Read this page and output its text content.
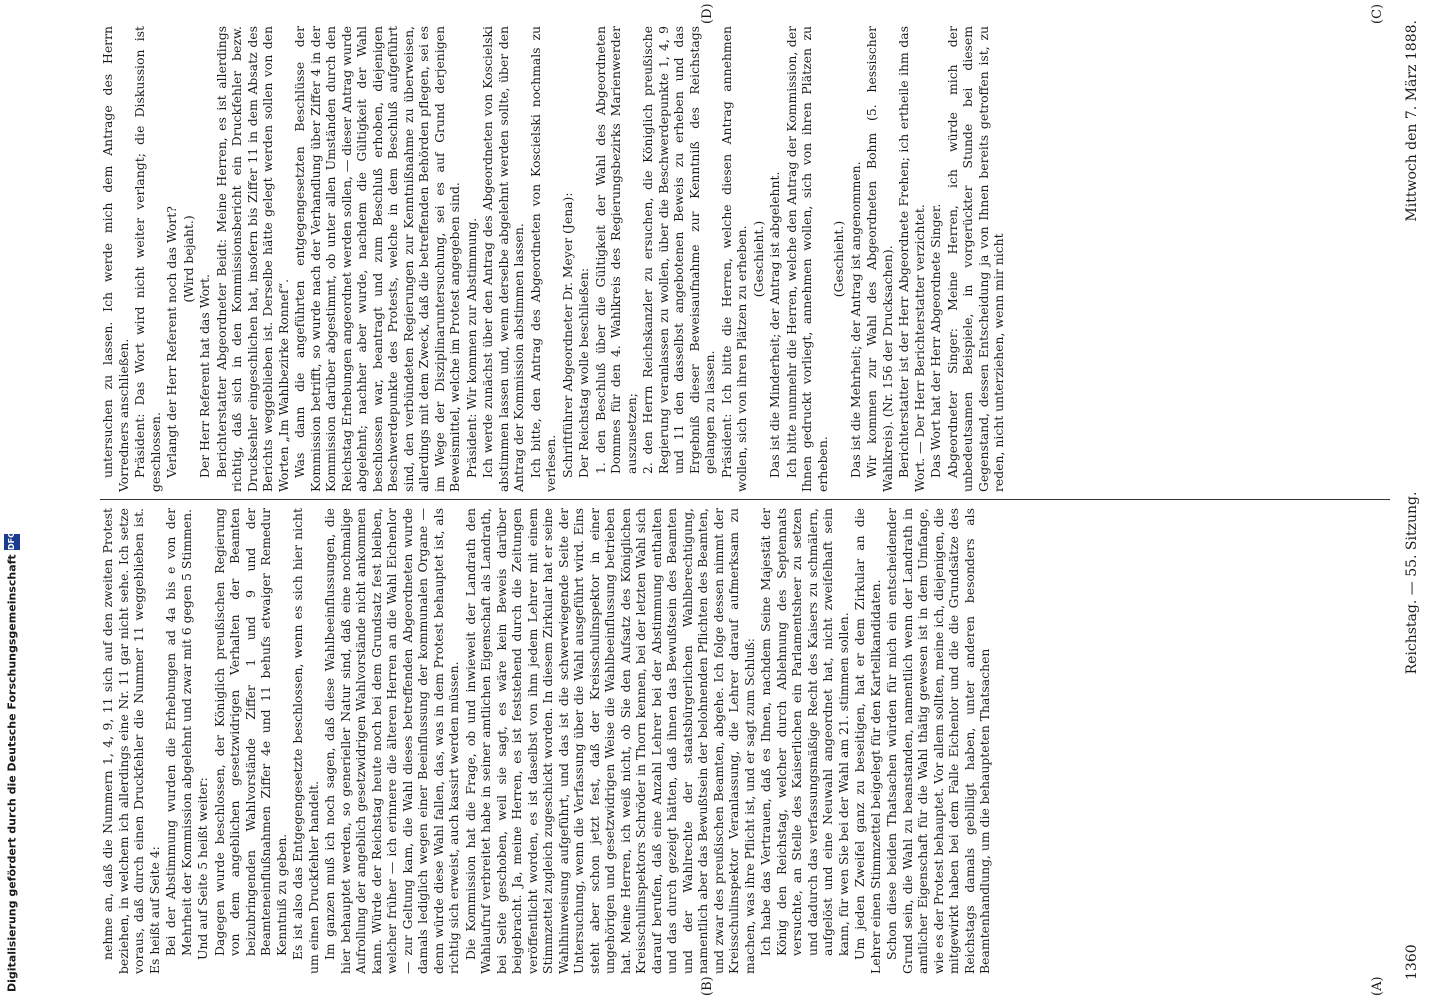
Digitalisierung gefördert durch die Deutsche Forschungsgemeinschaft
DFG
1360
Reichstag. — 55. Sitzung.
Mittwoch den 7. März 1888.
(A)
(B)
(C)
(D)

nehme an, daß die Nummern 1, 4, 9, 11 sich auf den zweiten Protest beziehen, in welchem ich allerdings eine Nr. 11 gar nicht sehe. Ich setze voraus, daß durch einen Druckfehler die Nummer 11 weggeblieben ist. Es heißt auf Seite 4: Bei der Abstimmung wurden die Erhebungen ad 4a bis e von der Mehrheit der Kommission abgelehnt und zwar mit 6 gegen 5 Stimmen. Und auf Seite 5 heißt weiter: Dagegen wurde beschlossen, der Königlich preußischen Regierung von dem angeblichen gesetzwidrigen Verhalten der Beamten beizubringenden Wahlvorstände Ziffer 1 und 9 und der Beamteneinflußnahmen Ziffer 4e und 11 behufs etwaiger Remedur Kenntniß zu geben. Es ist also das Entgegengesetzte beschlossen, wenn es sich hier nicht um einen Druckfehler handelt. Im ganzen muß ich noch sagen, daß diese Wahlbeeinflussungen, die hier behauptet werden, so generieller Natur sind, daß eine nochmalige Aufrollung der angeblich gesetzwidrigen Wahlvorstände nicht ankommen kann. Würde der Reichstag heute noch bei dem Grundsatz fest bleiben, welcher früher — ich erinnere die älteren Herren an die Wahl Eichenlor — zur Geltung kam, die Wahl dieses betreffenden Abgeordneten wurde damals lediglich wegen einer Beeinflussung der kommunalen Organe — denn würde diese Wahl fallen, das, was in dem Protest behauptet ist, als richtig sich erweist, auch kassirt werden müssen. Die Kommission hat die Frage, ob und inwieweit der Landrath den Wahlaufruf verbreitet habe in seiner amtlichen Eigenschaft als Landrath, bei Seite geschoben, weil sie sagt, es wäre kein Beweis darüber beigebracht. Ja, meine Herren, es ist feststehend durch die Zeitungen veröffentlicht worden, es ist daselbst von ihm jedem Lehrer mit einem Stimmzettel zugleich zugeschickt worden. In diesem Zirkular hat er seine Wahlhinweisung aufgeführt, und das ist die schwerwiegende Seite der Untersuchung, wenn die Verfassung über die Wahl ausgeführt wird. Eins steht aber schon jetzt fest, daß der Kreisschulinspektor in einer ungehörigen und gesetzwidrigen Weise die Wahlbeeinflussung betrieben hat. Meine Herren, ich weiß nicht, ob Sie den Aufsatz des Königlichen Kreisschulinspektors Schröder in Thorn kennen, bei der letzten Wahl sich darauf berufen, daß eine Anzahl Lehrer bei der Abstimmung enthalten und das durch gezeigt hätten, daß ihnen das Bewußtsein des Beamten und der Wahlrechte der staatsbürgerlichen Wahlberechtigung, namentlich aber das Bewußtsein der belohnenden Pflichten des Beamten, und zwar des preußischen Beamten, abgehe. Ich folge dessen nimmt der Kreisschulinspektor Veranlassung, die Lehrer darauf aufmerksam zu machen, was ihre Pflicht ist, und er sagt zum Schluß: Ich habe das Vertrauen, daß es Ihnen, nachdem Seine Majestät der König den Reichstag, welcher durch Ablehnung des Septennats versuchte, an Stelle des Kaiserlichen ein Parlamentsheer zu setzen und dadurch das verfassungsmäßige Recht des Kaisers zu schmälern, aufgelöst und eine Neuwahl angeordnet hat, nicht zweifelhaft sein kann, für wen Sie bei der Wahl am 21. stimmen sollen. Um jeden Zweifel ganz zu beseitigen, hat er dem Zirkular an die Lehrer einen Stimmzettel beigelegt für den Kartellkandidaten. Schon diese beiden Thatsachen würden für mich ein entscheidender Grund sein, die Wahl zu beanstanden, namentlich wenn der Landrath in amtlicher Eigenschaft für die Wahl thätig gewesen ist in dem Umfange, wie es der Protest behauptet. Vor allem sollten, meine ich, diejenigen, die mitgewirkt haben bei dem Falle Eichenlor und die die Grundsätze des Reichstags damals gebilligt haben, unter anderen besonders als Beamtenhandlung, um die behaupteten Thatsachen

untersuchen zu lassen. Ich werde mich dem Antrage des Herrn Vorredners anschließen. Präsident: Das Wort wird nicht weiter verlangt; die Diskussion ist geschlossen. Verlangt der Herr Referent noch das Wort? (Wird bejaht.)

Der Herr Referent hat das Wort. Berichterstatter Abgeordneter Beidt: Meine Herren, es ist allerdings richtig, daß sich in den Kommissionsbericht ein Druckfehler bezw. Drucksehler eingeschlichen hat, insofern bis Ziffer 11 in dem Absatz des Berichts weggeblieben ist. Derselbe hätte gelegt werden sollen von den Worten „Im Wahlbezirke Ronnef“. Was dann die angeführten entgegengesetzten Beschlüsse der Kommission betrifft, so wurde nach der Verhandlung über Ziffer 4 in der Kommission darüber abgestimmt, ob unter allen Umständen durch den Reichstag Erhebungen angeordnet werden sollen, — dieser Antrag wurde abgelehnt; nachher aber wurde, nachdem die Gültigkeit der Wahl beschlossen war, beantragt und zum Beschluß erhoben, diejenigen Beschwerdepunkte des Protests, welche in dem Beschluß aufgeführt sind, den verbündeten Regierungen zur Kenntnißnahme zu überweisen, allerdings mit dem Zweck, daß die betreffenden Behörden pflegen, sei es im Wege der Disziplinaruntersuchung, sei es auf Grund derjenigen Beweismittel, welche im Protest angegeben sind. Präsident: Wir kommen zur Abstimmung. Ich werde zunächst über den Antrag des Abgeordneten von Koscielski abstimmen lassen und, wenn derselbe abgelehnt werden sollte, über den Antrag der Kommission abstimmen lassen. Ich bitte, den Antrag des Abgeordneten von Koscielski nochmals zu verlesen. Schriftführer Abgeordneter Dr. Meyer (Jena): Der Reichstag wolle beschließen: 1. den Beschluß über die Gültigkeit der Wahl des Abgeordneten Dommes für den 4. Wahlkreis des Regierungsbezirks Marienwerder auszusetzen; 2. den Herrn Reichskanzler zu ersuchen, die Königlich preußische Regierung veranlassen zu wollen, über die Beschwerdepunkte 1, 4, 9 und 11 den dasselbst angebotenen Beweis zu erheben und das Ergebniß dieser Beweisaufnahme zur Kenntniß des Reichstags gelangen zu lassen. Präsident: Ich bitte die Herren, welche diesen Antrag annehmen wollen, sich von ihren Plätzen zu erheben. (Geschieht.) Das ist die Minderheit; der Antrag ist abgelehnt. Ich bitte nunmehr die Herren, welche den Antrag der Kommission, der Ihnen gedruckt vorliegt, annehmen wollen, sich von ihren Plätzen zu erheben.

(Geschieht.) Das ist die Mehrheit; der Antrag ist angenommen. Wir kommen zur Wahl des Abgeordneten Bohm (5. hessischer Wahlkreis). (Nr. 156 der Drucksachen). Berichterstatter ist der Herr Abgeordnete Frehen; ich ertheile ihm das Wort. — Der Herr Berichterstatter verzichtet. Das Wort hat der Herr Abgeordnete Singer. Abgeordneter Singer: Meine Herren, ich würde mich der unbedeutsamen Beispiele, in vorgerückter Stunde bei diesem Gegenstand, dessen Entscheidung ja von Ihnen bereits getroffen ist, zu reden, nicht unterziehen, wenn mir nicht
